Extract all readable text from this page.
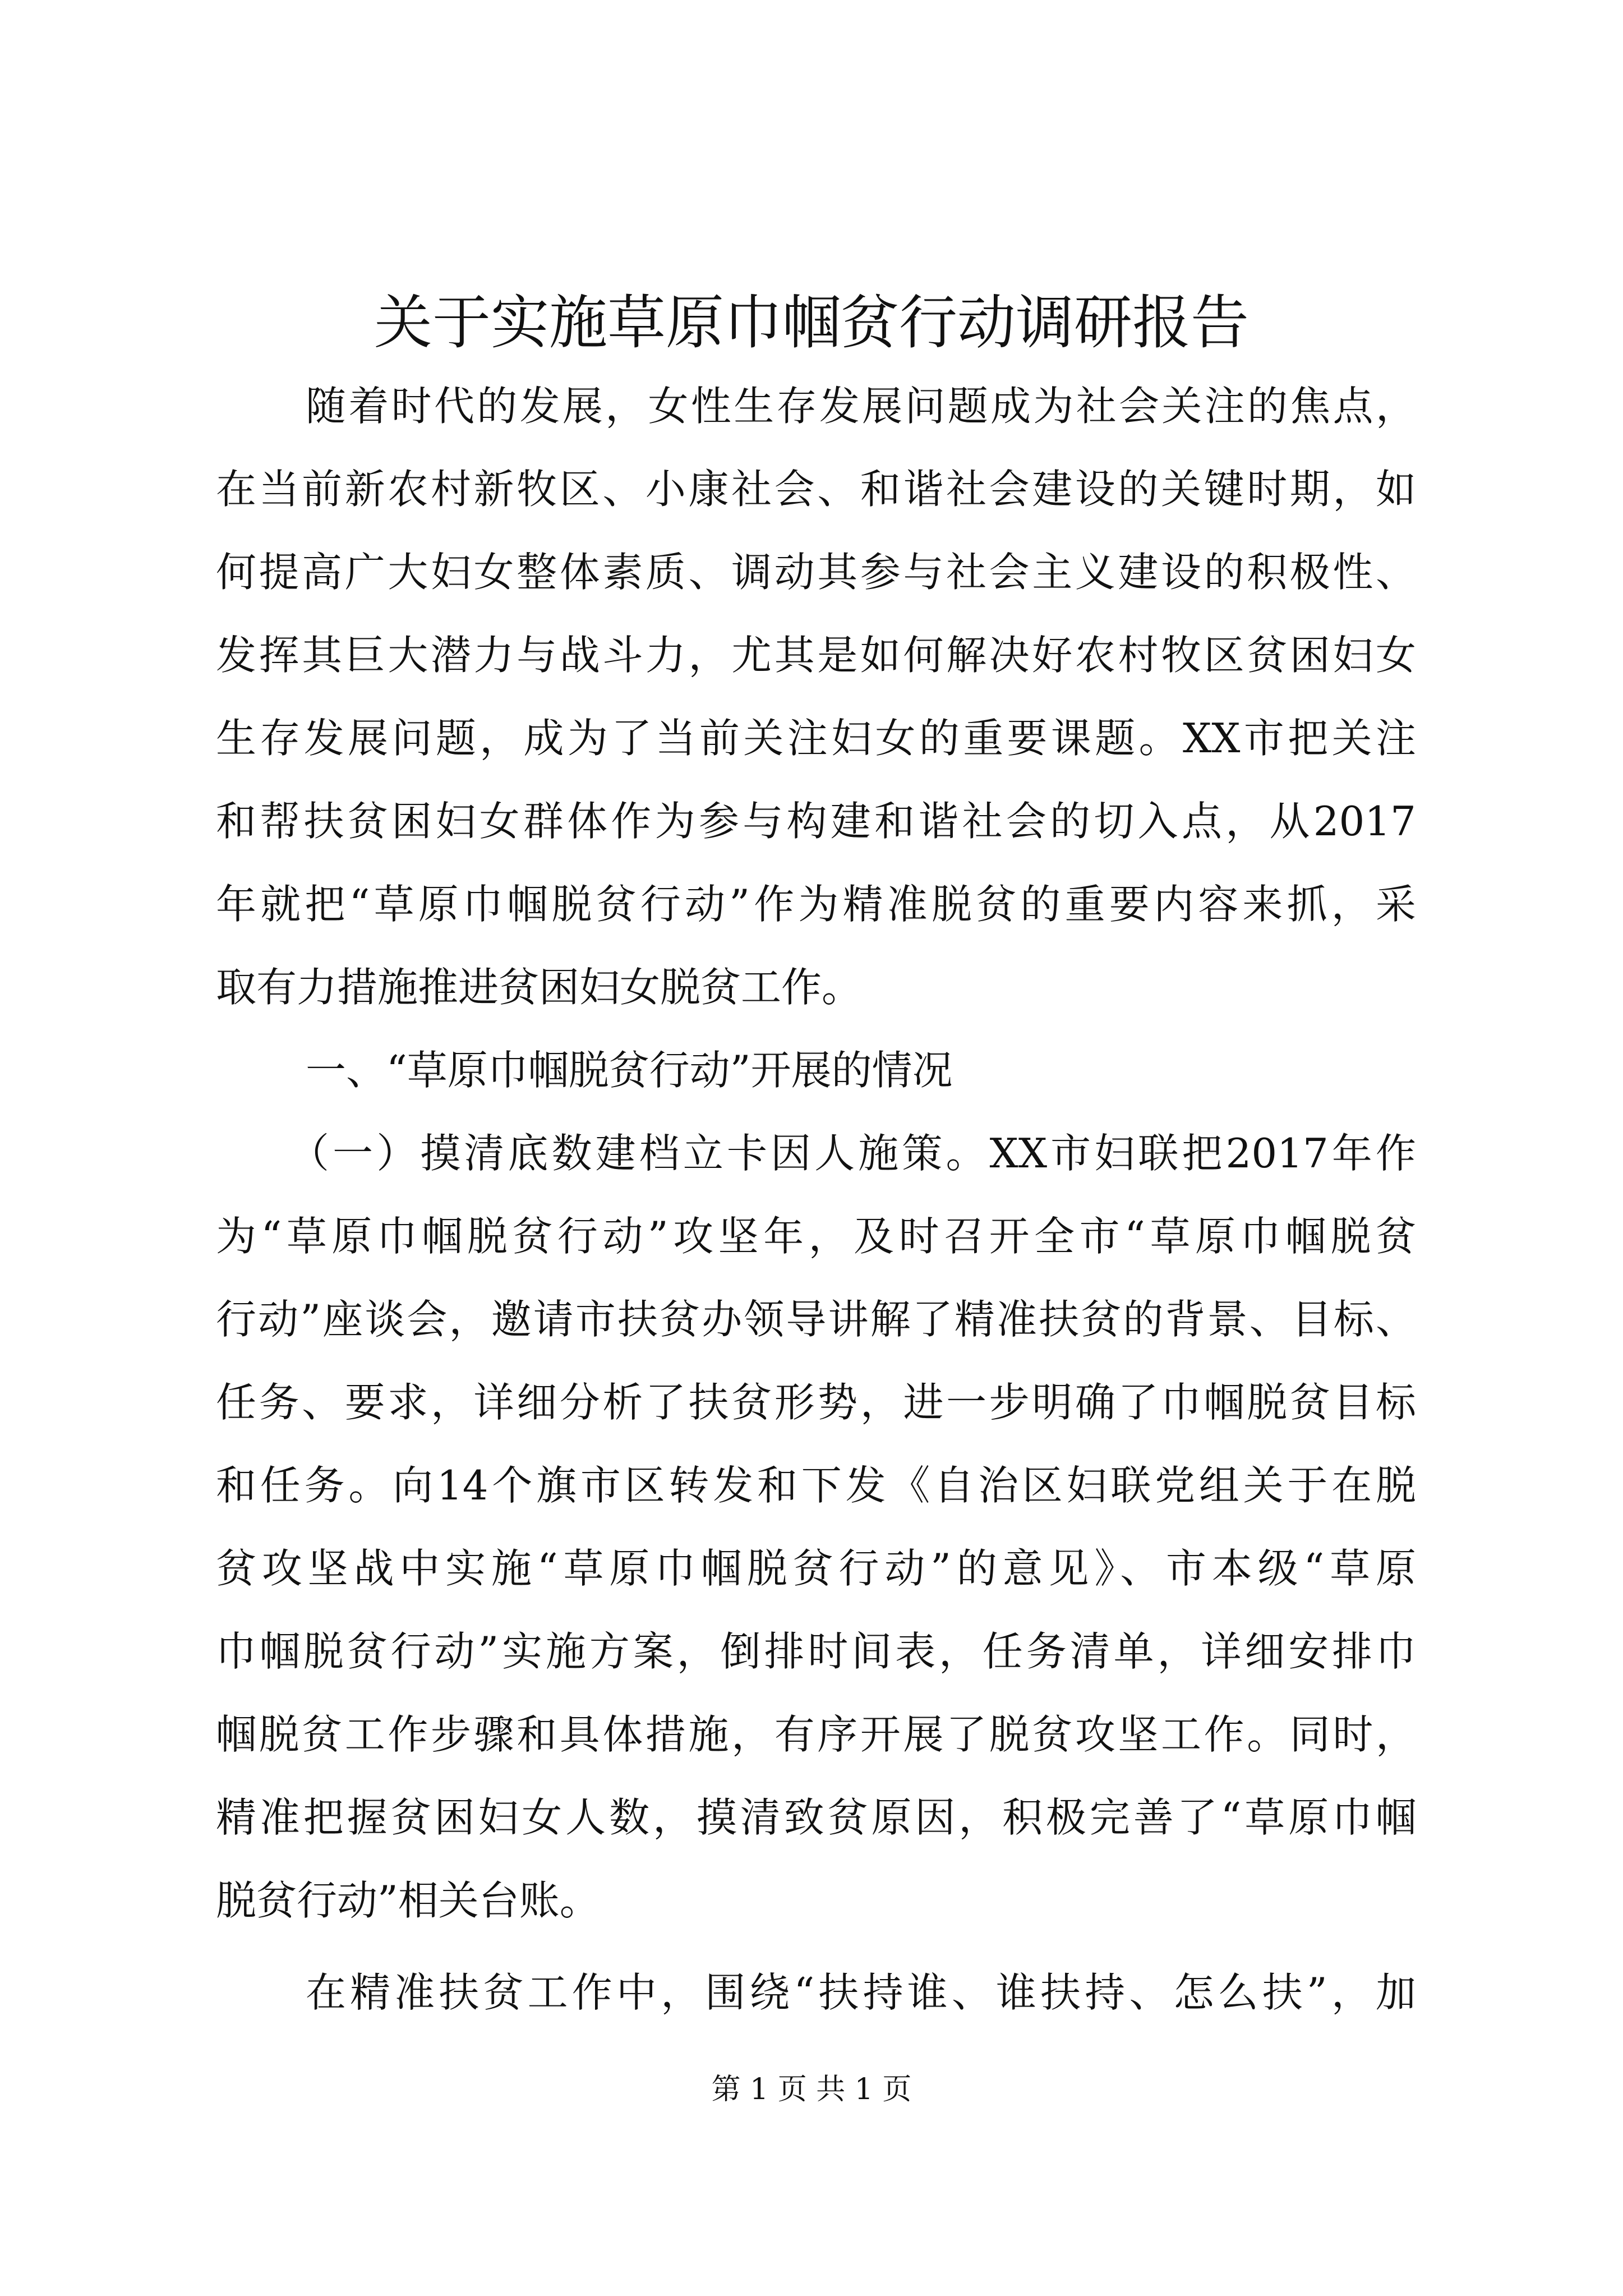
关于实施草原巾帼贫行动调研报告
随着时代的发展，女性生存发展问题成为社会关注的焦点，
在当前新农村新牧区、小康社会、和谐社会建设的关键时期，如
何提高广大妇女整体素质、调动其参与社会主义建设的积极性、
发挥其巨大潜力与战斗力，尤其是如何解决好农村牧区贫困妇女
生存发展问题，成为了当前关注妇女的重要课题。XX市把关注
和帮扶贫困妇女群体作为参与构建和谐社会的切入点，从2017
年就把“草原巾帼脱贫行动”作为精准脱贫的重要内容来抓，采
取有力措施推进贫困妇女脱贫工作。
一、“草原巾帼脱贫行动”开展的情况
（一）摸清底数建档立卡因人施策。XX市妇联把2017年作
为“草原巾帼脱贫行动”攻坚年，及时召开全市“草原巾帼脱贫
行动”座谈会，邀请市扶贫办领导讲解了精准扶贫的背景、目标、
任务、要求，详细分析了扶贫形势，进一步明确了巾帼脱贫目标
和任务。向14个旗市区转发和下发《自治区妇联党组关于在脱
贫攻坚战中实施“草原巾帼脱贫行动”的意见》、市本级“草原
巾帼脱贫行动”实施方案，倒排时间表，任务清单，详细安排巾
帼脱贫工作步骤和具体措施，有序开展了脱贫攻坚工作。同时，
精准把握贫困妇女人数，摸清致贫原因，积极完善了“草原巾帼
脱贫行动”相关台账。
在精准扶贫工作中，围绕“扶持谁、谁扶持、怎么扶”，加
第 1 页 共 1 页
